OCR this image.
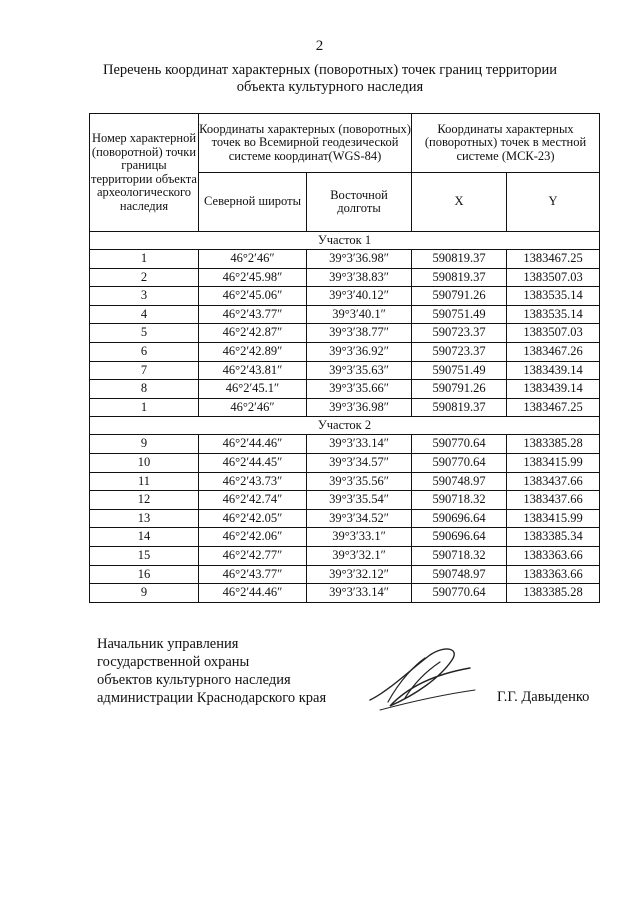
2
Перечень координат характерных (поворотных) точек границ территории
объекта культурного наследия
Номер характерной (поворотной) точки границы территории объекта археологического наследия	Координаты характерных (поворотных) точек во Всемирной геодезической системе координат(WGS-84)		Координаты характерных (поворотных) точек в местной системе (МСК-23)	
	Северной широты	Восточной долготы	X	Y
Участок 1				
1	46°2′46″	39°3′36.98″	590819.37	1383467.25
2	46°2′45.98″	39°3′38.83″	590819.37	1383507.03
3	46°2′45.06″	39°3′40.12″	590791.26	1383535.14
4	46°2′43.77″	39°3′40.1″	590751.49	1383535.14
5	46°2′42.87″	39°3′38.77″	590723.37	1383507.03
6	46°2′42.89″	39°3′36.92″	590723.37	1383467.26
7	46°2′43.81″	39°3′35.63″	590751.49	1383439.14
8	46°2′45.1″	39°3′35.66″	590791.26	1383439.14
1	46°2′46″	39°3′36.98″	590819.37	1383467.25
Участок 2				
9	46°2′44.46″	39°3′33.14″	590770.64	1383385.28
10	46°2′44.45″	39°3′34.57″	590770.64	1383415.99
11	46°2′43.73″	39°3′35.56″	590748.97	1383437.66
12	46°2′42.74″	39°3′35.54″	590718.32	1383437.66
13	46°2′42.05″	39°3′34.52″	590696.64	1383415.99
14	46°2′42.06″	39°3′33.1″	590696.64	1383385.34
15	46°2′42.77″	39°3′32.1″	590718.32	1383363.66
16	46°2′43.77″	39°3′32.12″	590748.97	1383363.66
9	46°2′44.46″	39°3′33.14″	590770.64	1383385.28
Начальник управления
государственной охраны
объектов культурного наследия
администрации Краснодарского края	Г.Г. Давыденко
